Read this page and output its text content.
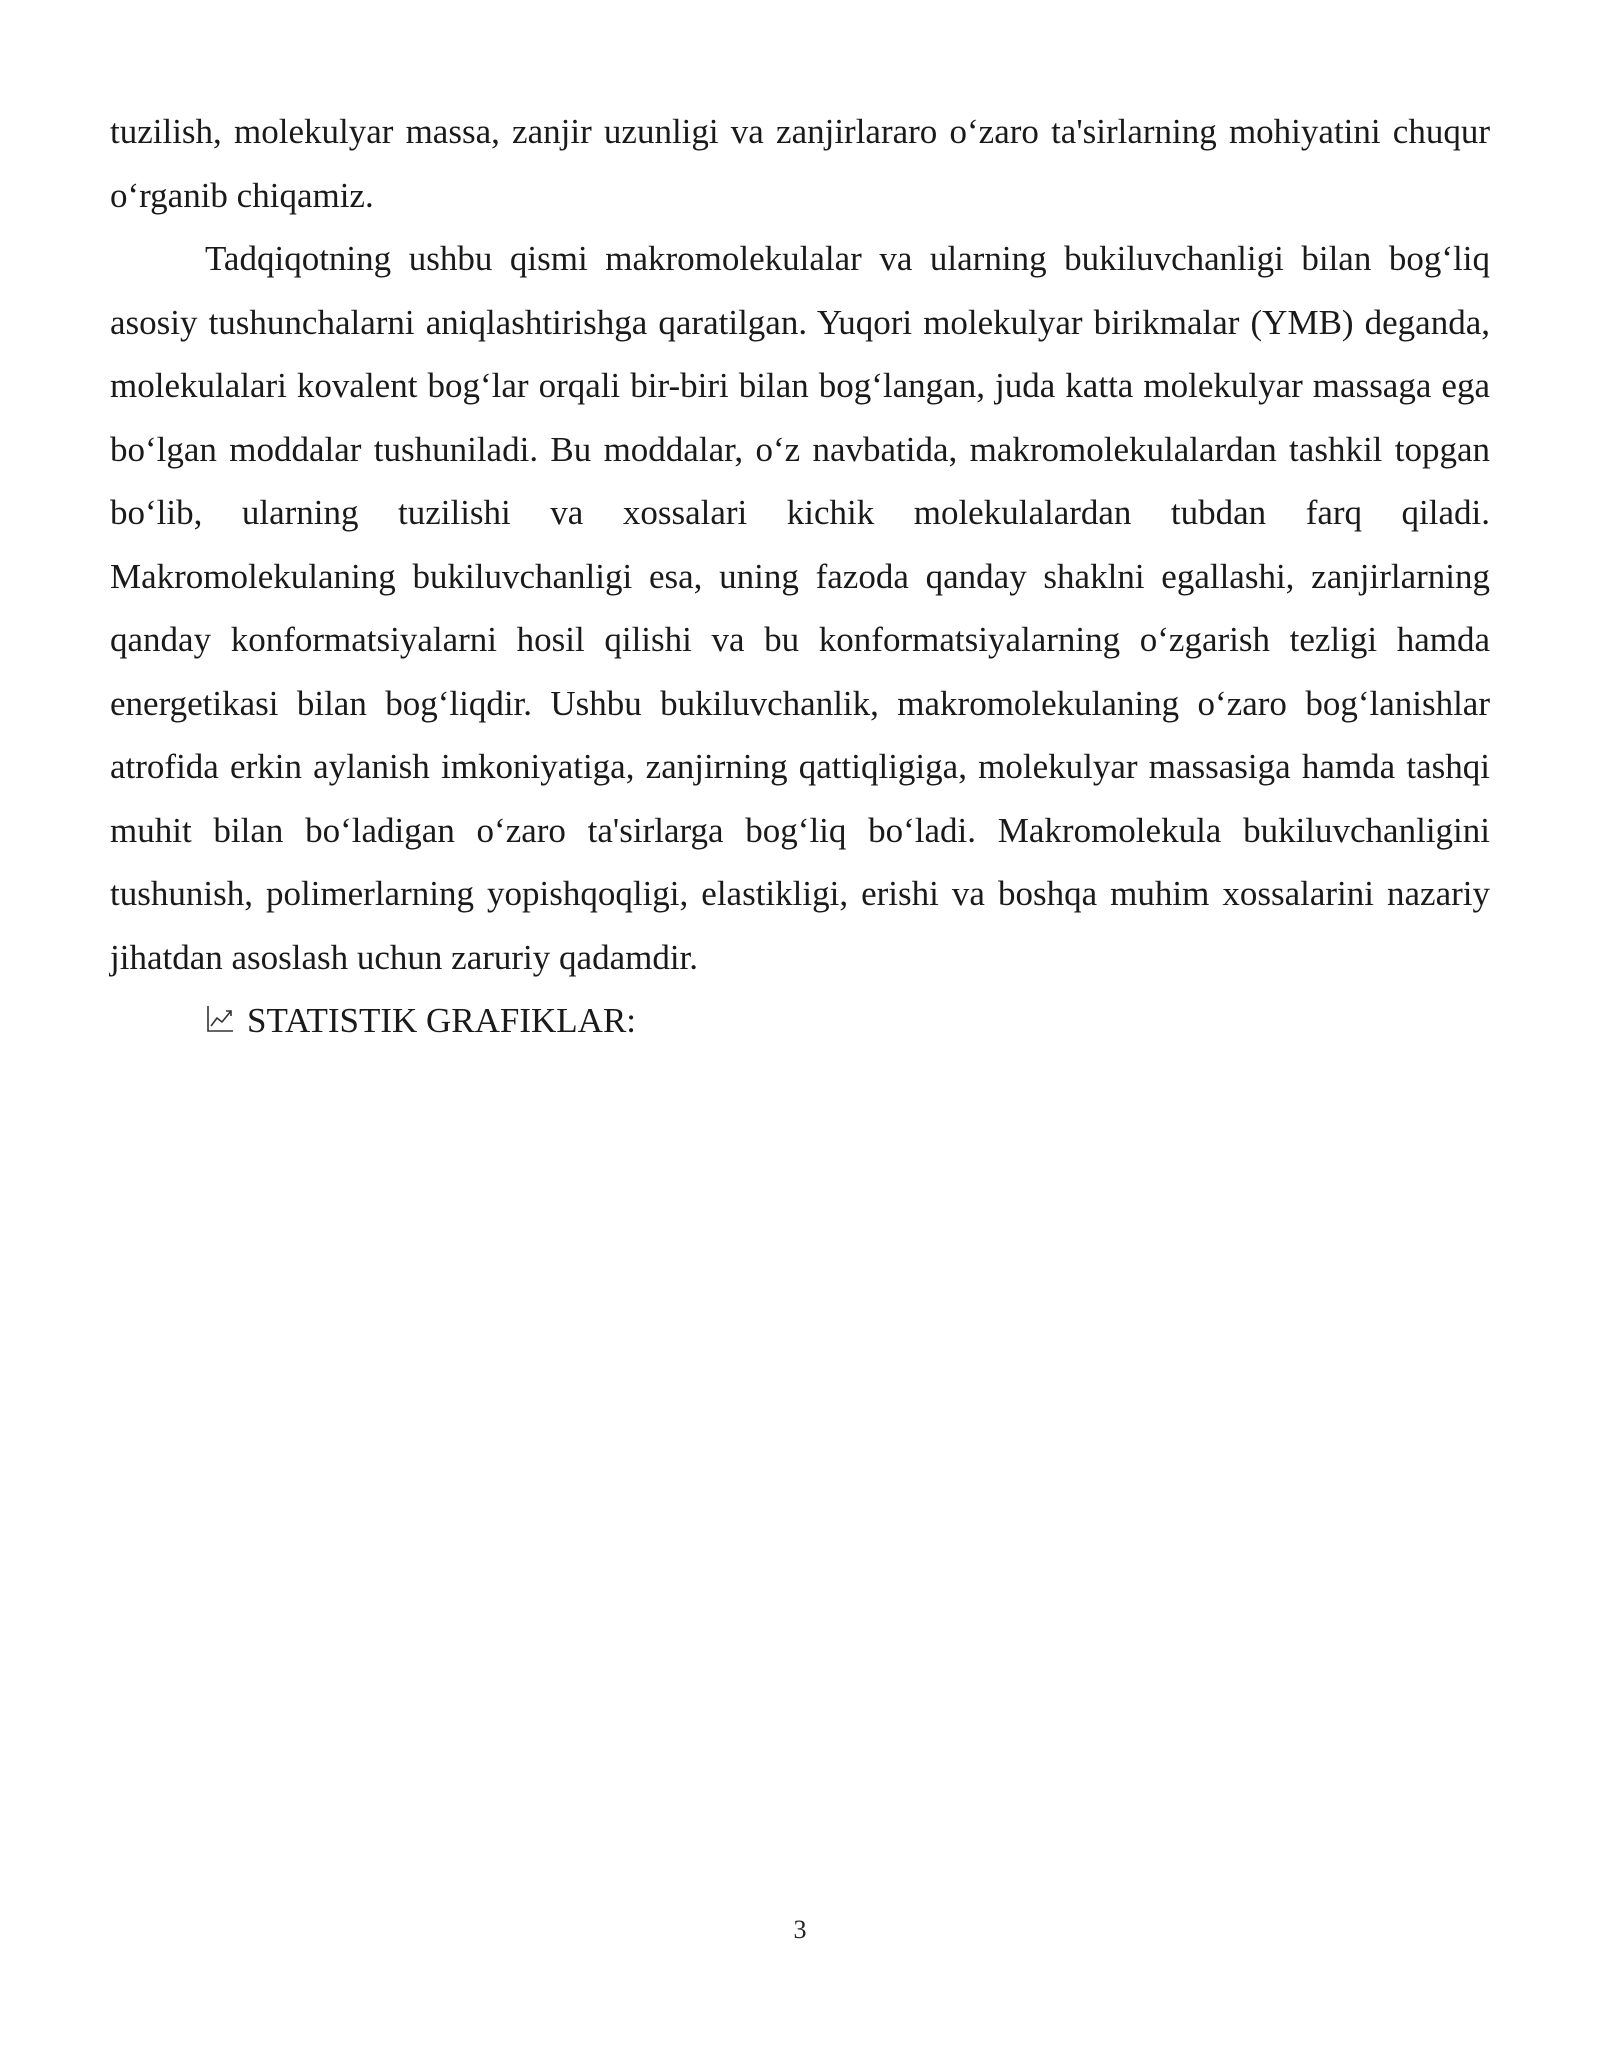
tuzilish, molekulyar massa, zanjir uzunligi va zanjirlararo o‘zaro ta'sirlarning mohiyatini chuqur o‘rganib chiqamiz.

Tadqiqotning ushbu qismi makromolekulalar va ularning bukiluvchanligi bilan bog‘liq asosiy tushunchalarni aniqlashtirishga qaratilgan. Yuqori molekulyar birikmalar (YMB) deganda, molekulalari kovalent bog‘lar orqali bir-biri bilan bog‘langan, juda katta molekulyar massaga ega bo‘lgan moddalar tushuniladi. Bu moddalar, o‘z navbatida, makromolekulalardan tashkil topgan bo‘lib, ularning tuzilishi va xossalari kichik molekulalardan tubdan farq qiladi. Makromolekulaning bukiluvchanligi esa, uning fazoda qanday shaklni egallashi, zanjirlarning qanday konformatsiyalarni hosil qilishi va bu konformatsiyalarning o‘zgarish tezligi hamda energetikasi bilan bog‘liqdir. Ushbu bukiluvchanlik, makromolekulaning o‘zaro bog‘lanishlar atrofida erkin aylanish imkoniyatiga, zanjirning qattiqligiga, molekulyar massasiga hamda tashqi muhit bilan bo‘ladigan o‘zaro ta'sirlarga bog‘liq bo‘ladi. Makromolekula bukiluvchanligini tushunish, polimerlarning yopishqoqligi, elastikligi, erishi va boshqa muhim xossalarini nazariy jihatdan asoslash uchun zaruriy qadamdir.

STATISTIK GRAFIKLAR:

3
